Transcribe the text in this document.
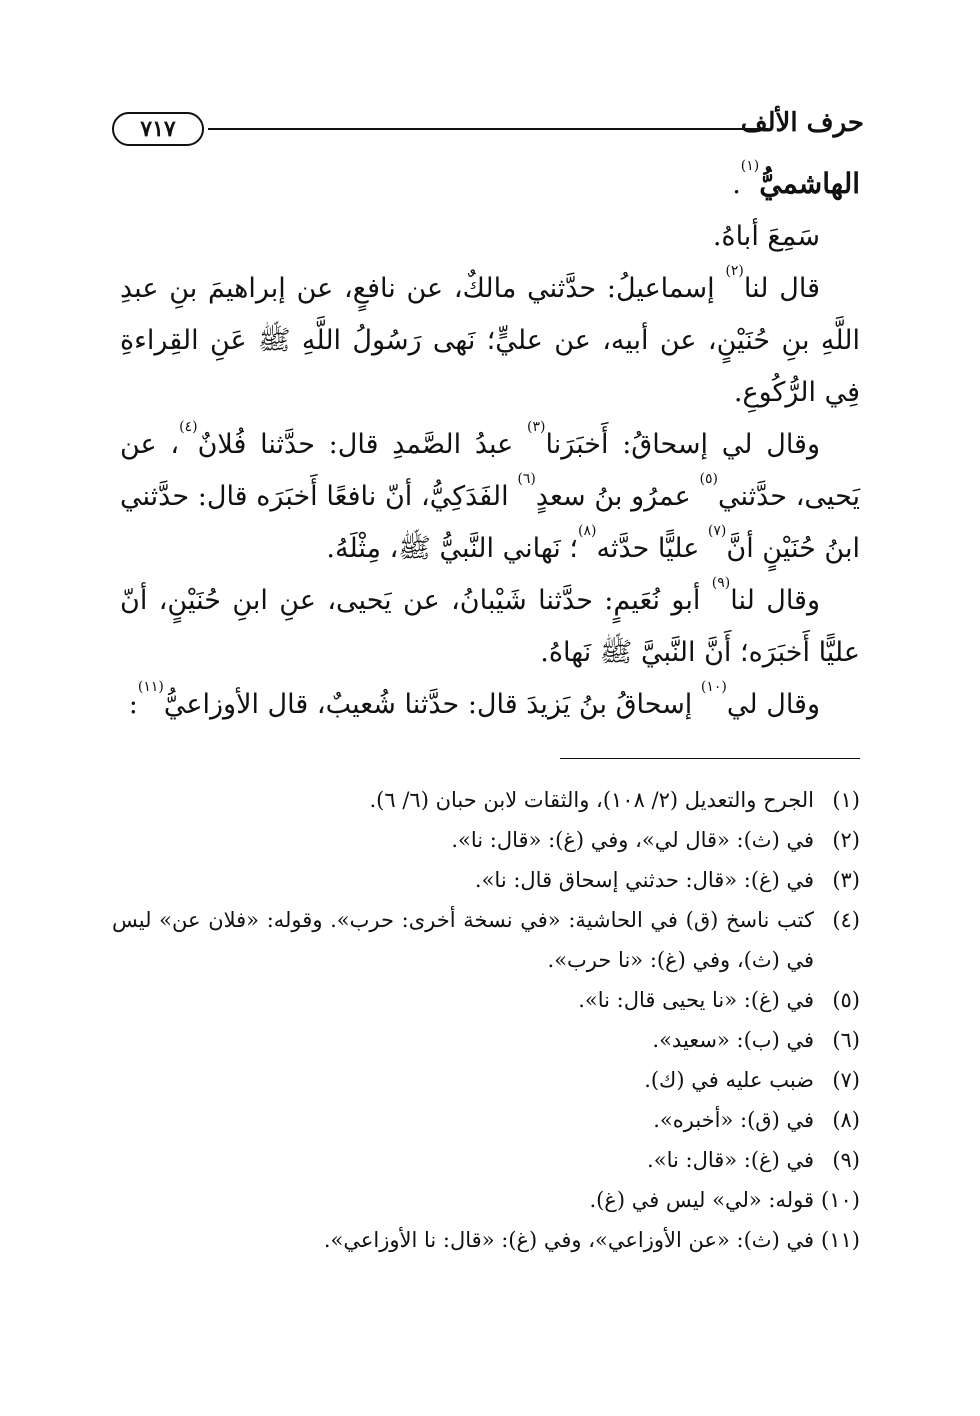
٧١٧	حرف الألف

الهاشميُّ$^{(١)}$.

سَمِعَ أباهُ.

قال لنا$^{(٢)}$ إسماعيلُ: حدَّثني مالكٌ، عن نافعٍ، عن إبراهيمَ بنِ عبدِ اللَّهِ بنِ حُنَيْنٍ، عن أبيه، عن عليٍّ؛ نَهى رَسُولُ اللَّهِ ﷺ عَنِ القِراءةِ فِي الرُّكُوعِ.

وقال لي إسحاقُ: أَخبَرَنا$^{(٣)}$ عبدُ الصَّمدِ قال: حدَّثنا فُلانٌ$^{(٤)}$، عن يَحيى، حدَّثني$^{(٥)}$ عمرُو بنُ سعدٍ$^{(٦)}$ الفَدَكِيُّ، أنّ نافعًا أَخبَرَه قال: حدَّثني ابنُ حُنَيْنٍ أنَّ$^{(٧)}$ عليًّا حدَّثه$^{(٨)}$؛ نَهاني النَّبيُّ ﷺ، مِثْلَهُ.

وقال لنا$^{(٩)}$ أبو نُعَيمٍ: حدَّثنا شَيْبانُ، عن يَحيى، عنِ ابنِ حُنَيْنٍ، أنّ عليًّا أَخبَرَه؛ أَنَّ النَّبيَّ ﷺ نَهاهُ.

وقال لي$^{(١٠)}$ إسحاقُ بنُ يَزيدَ قال: حدَّثنا شُعيبٌ، قال الأوزاعيُّ$^{(١١)}$:

(١)
الجرح والتعديل (٢/ ١٠٨)، والثقات لابن حبان (٦/ ٦).
(٢)
في (ث): «قال لي»، وفي (غ): «قال: نا».
(٣)
في (غ): «قال: حدثني إسحاق قال: نا».
(٤)
كتب ناسخ (ق) في الحاشية: «في نسخة أخرى: حرب». وقوله: «فلان عن» ليس في (ث)، وفي (غ): «نا حرب».
(٥)
في (غ): «نا يحيى قال: نا».
(٦)
في (ب): «سعيد».
(٧)
ضبب عليه في (ك).
(٨)
في (ق): «أخبره».
(٩)
في (غ): «قال: نا».
(١٠)
قوله: «لي» ليس في (غ).
(١١)
في (ث): «عن الأوزاعي»، وفي (غ): «قال: نا الأوزاعي».
